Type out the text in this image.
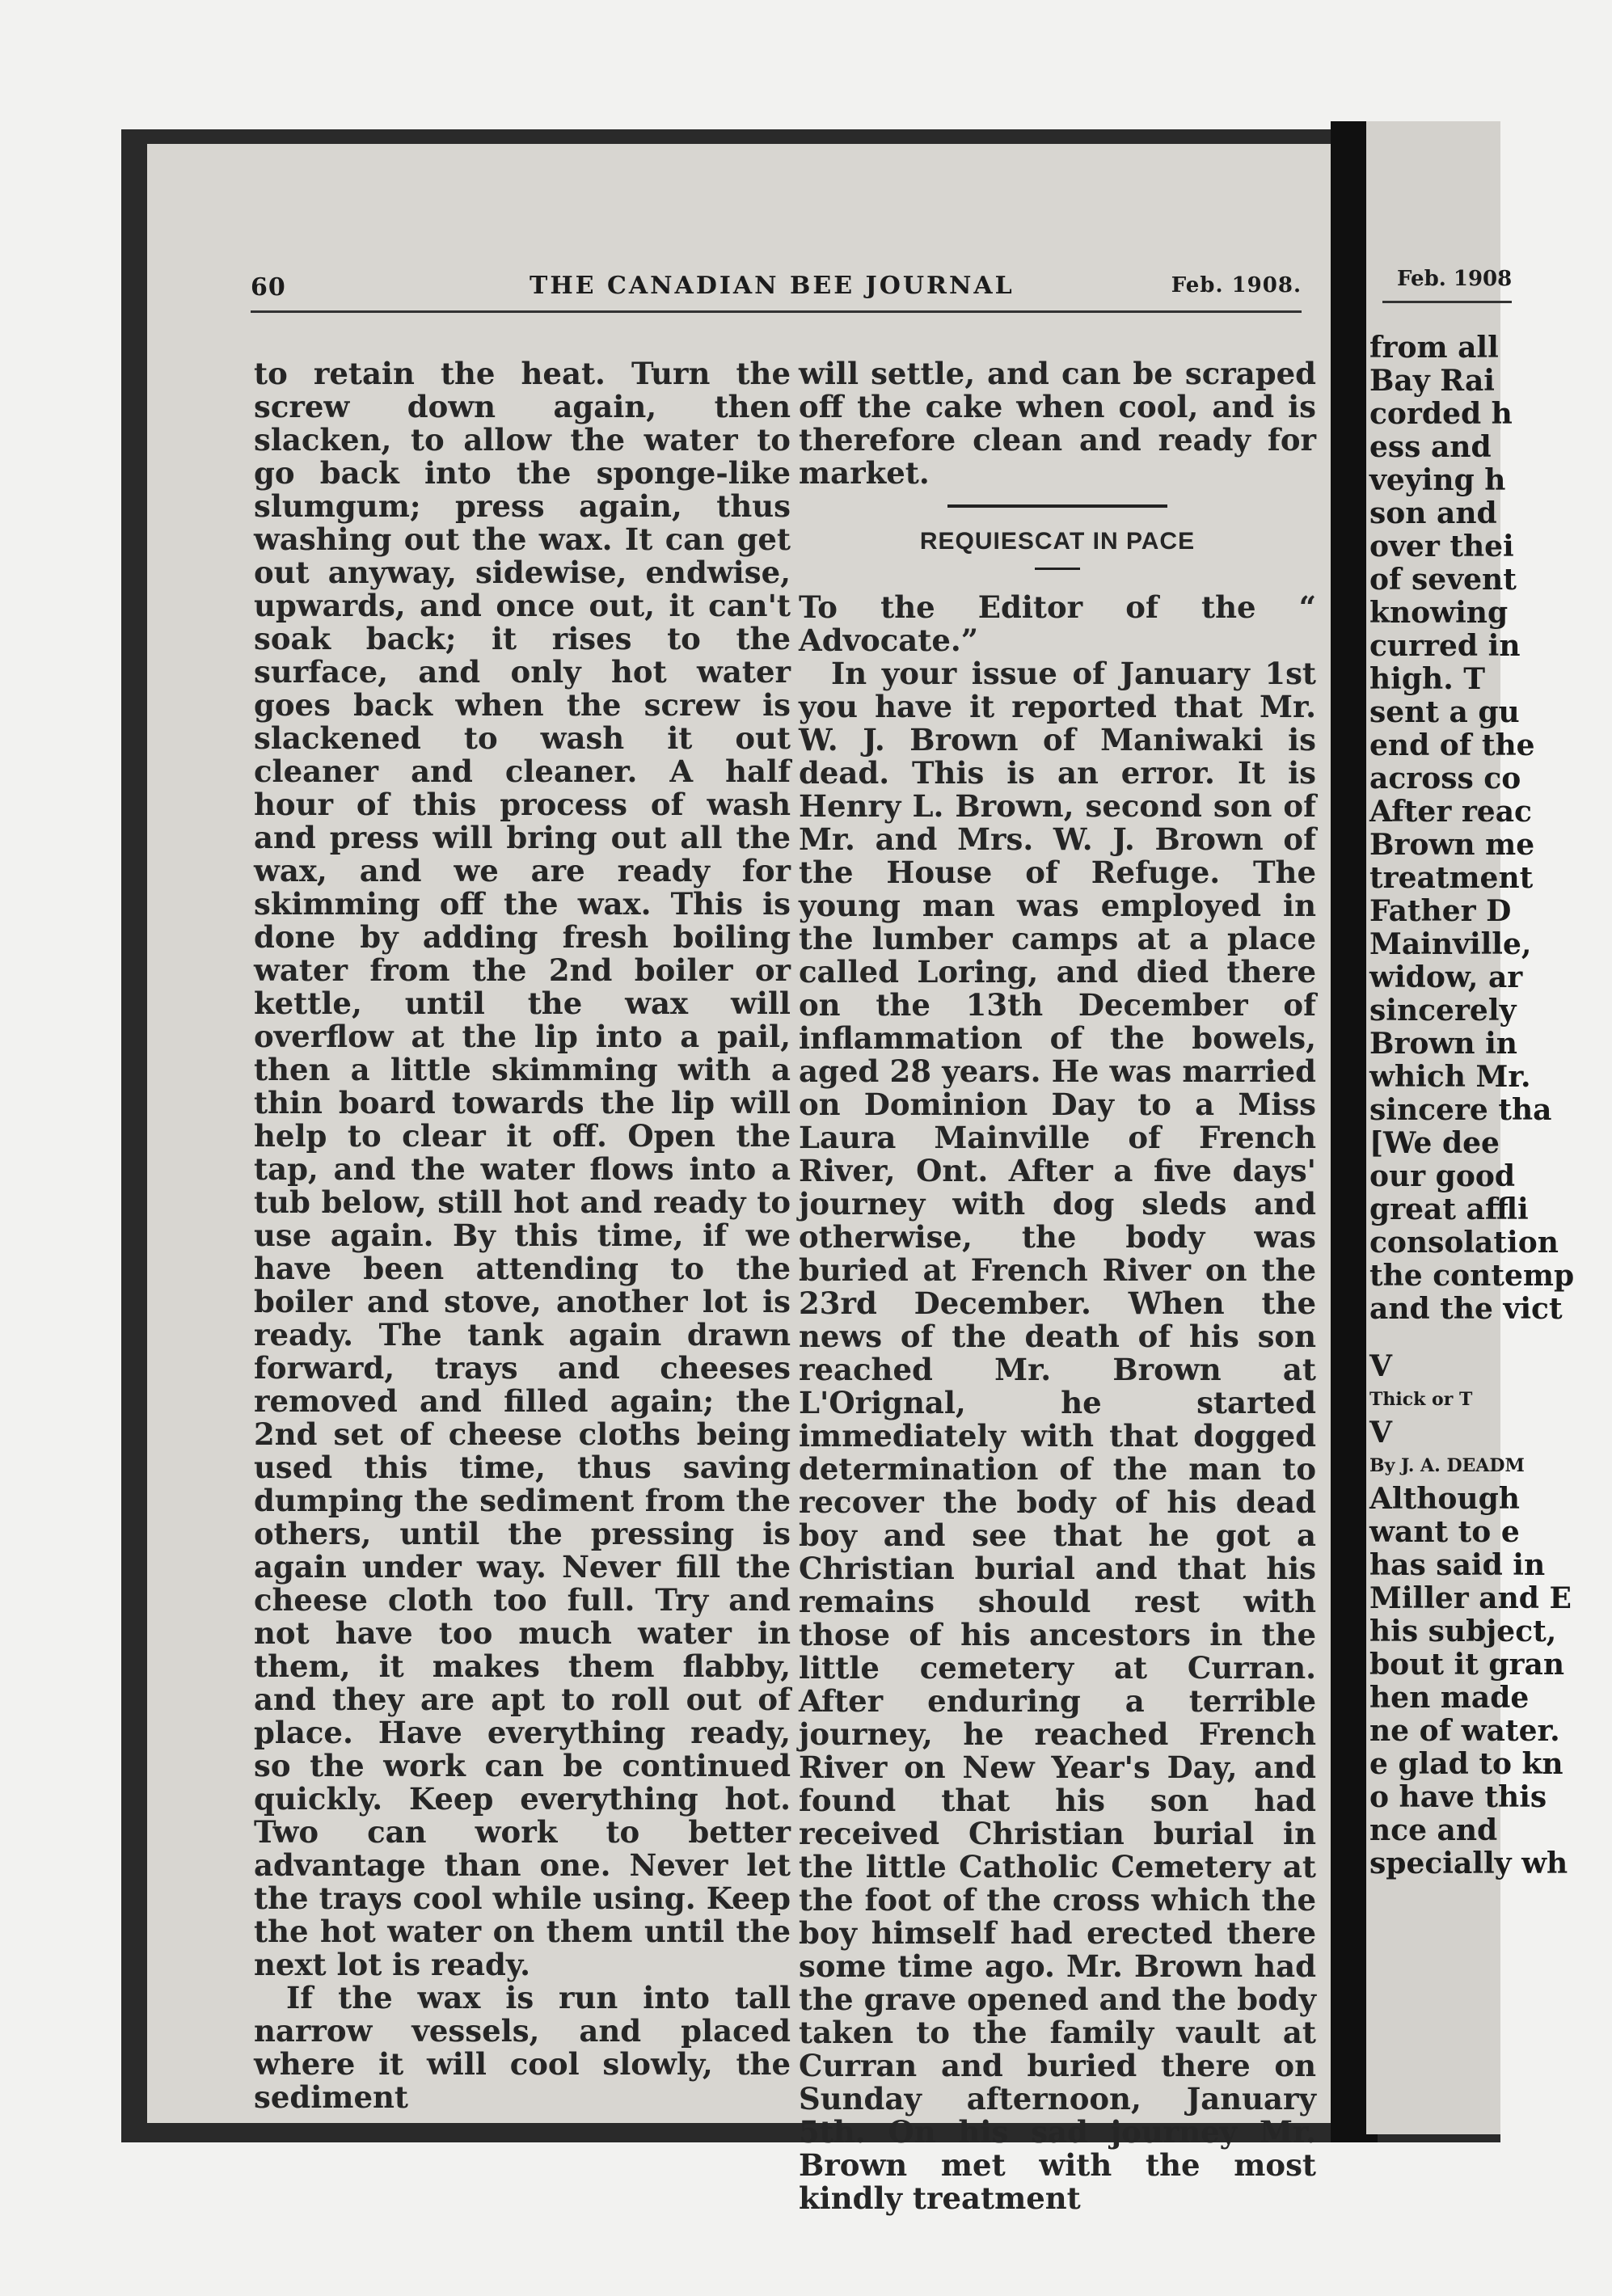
60	THE CANADIAN BEE JOURNAL	Feb. 1908.

to retain the heat. Turn the screw down again, then slacken, to allow the water to go back into the sponge-like slumgum; press again, thus washing out the wax. It can get out anyway, sidewise, endwise, upwards, and once out, it can't soak back; it rises to the surface, and only hot water goes back when the screw is slackened to wash it out cleaner and cleaner. A half hour of this process of wash and press will bring out all the wax, and we are ready for skimming off the wax. This is done by adding fresh boiling water from the 2nd boiler or kettle, until the wax will overflow at the lip into a pail, then a little skimming with a thin board towards the lip will help to clear it off. Open the tap, and the water flows into a tub below, still hot and ready to use again. By this time, if we have been attending to the boiler and stove, another lot is ready. The tank again drawn forward, trays and cheeses removed and filled again; the 2nd set of cheese cloths being used this time, thus saving dumping the sediment from the others, until the pressing is again under way. Never fill the cheese cloth too full. Try and not have too much water in them, it makes them flabby, and they are apt to roll out of place. Have everything ready, so the work can be continued quickly. Keep everything hot. Two can work to better advantage than one. Never let the trays cool while using. Keep the hot water on them until the next lot is ready.

If the wax is run into tall narrow vessels, and placed where it will cool slowly, the sediment

will settle, and can be scraped off the cake when cool, and is therefore clean and ready for market.

REQUIESCAT IN PACE

To the Editor of the “ Advocate.”

In your issue of January 1st you have it reported that Mr. W. J. Brown of Maniwaki is dead. This is an error. It is Henry L. Brown, second son of Mr. and Mrs. W. J. Brown of the House of Refuge. The young man was employed in the lumber camps at a place called Loring, and died there on the 13th December of inflammation of the bowels, aged 28 years. He was married on Dominion Day to a Miss Laura Mainville of French River, Ont. After a five days' journey with dog sleds and otherwise, the body was buried at French River on the 23rd December. When the news of the death of his son reached Mr. Brown at L'Orignal, he started immediately with that dogged determination of the man to recover the body of his dead boy and see that he got a Christian burial and that his remains should rest with those of his ancestors in the little cemetery at Curran. After enduring a terrible journey, he reached French River on New Year's Day, and found that his son had received Christian burial in the little Catholic Cemetery at the foot of the cross which the boy himself had erected there some time ago. Mr. Brown had the grave opened and the body taken to the family vault at Curran and buried there on Sunday afternoon, January 5th. On his sad journey Mr. Brown met with the most kindly treatment

Feb. 1908
from all
Bay Rai
corded h
ess and
veying h
son and
over thei
of sevent
knowing
curred in
high. T
sent a gu
end of the
across co
After reac
Brown me
treatment
Father D
Mainville,
widow, ar
sincerely
Brown in
which Mr.
sincere tha
[We dee
our good
great affli
consolation
the contemp
and the vict
V
Thick or T
V
By J. A. DEADM
Although
want to e
has said in
Miller and E
his subject,
bout it gran
hen made
ne of water.
e glad to kn
o have this
nce and
specially wh
